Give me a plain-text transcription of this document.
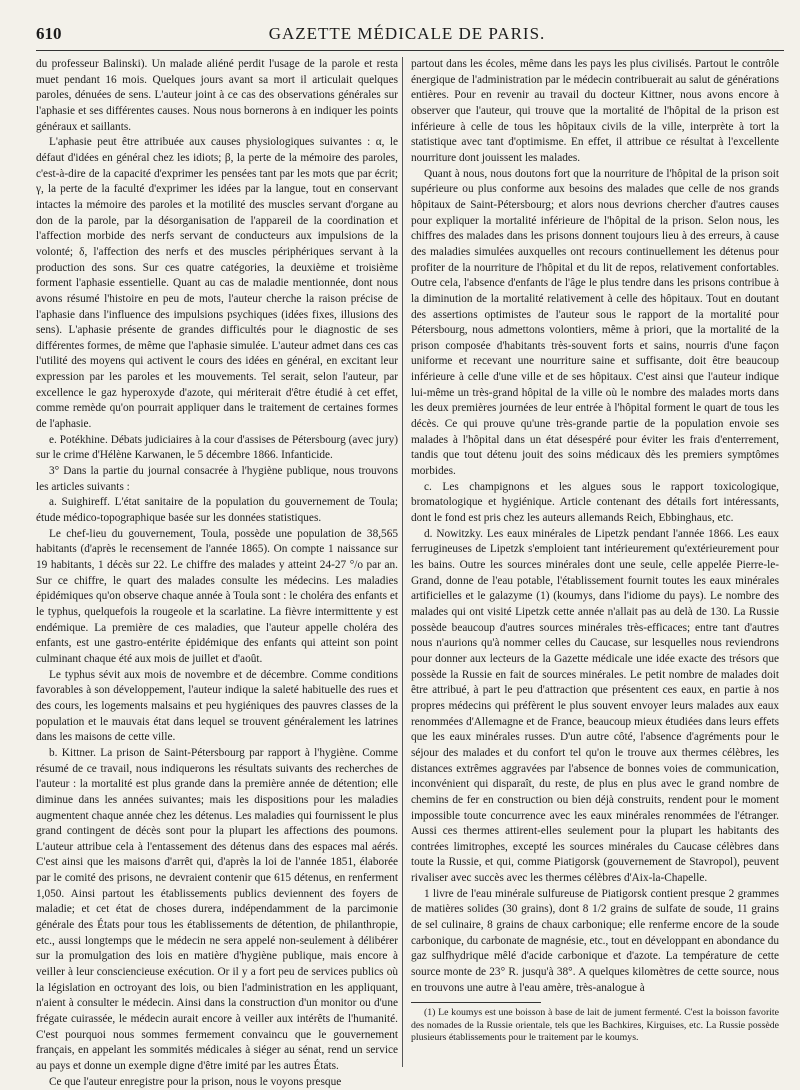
610	GAZETTE MÉDICALE DE PARIS.

du professeur Balinski). Un malade aliéné perdit l'usage de la parole et resta muet pendant 16 mois. Quelques jours avant sa mort il articulait quelques paroles, dénuées de sens. L'auteur joint à ce cas des observations générales sur l'aphasie et ses différentes causes. Nous nous bornerons à en indiquer les points généraux et saillants.

L'aphasie peut être attribuée aux causes physiologiques suivantes : α, le défaut d'idées en général chez les idiots; β, la perte de la mémoire des paroles, c'est-à-dire de la capacité d'exprimer les pensées tant par les mots que par écrit; γ, la perte de la faculté d'exprimer les idées par la langue, tout en conservant intactes la mémoire des paroles et la motilité des muscles servant d'organe au don de la parole, par la désorganisation de l'appareil de la coordination et l'affection morbide des nerfs servant de conducteurs aux impulsions de la volonté; δ, l'affection des nerfs et des muscles périphériques servant à la production des sons. Sur ces quatre catégories, la deuxième et troisième forment l'aphasie essentielle. Quant au cas de maladie mentionnée, dont nous avons résumé l'histoire en peu de mots, l'auteur cherche la raison précise de l'aphasie dans l'influence des impulsions psychiques (idées fixes, illusions des sens). L'aphasie présente de grandes difficultés pour le diagnostic de ses différentes formes, de même que l'aphasie simulée. L'auteur admet dans ces cas l'utilité des moyens qui activent le cours des idées en général, en excitant leur expression par les paroles et les mouvements. Tel serait, selon l'auteur, par excellence le gaz hyperoxyde d'azote, qui mériterait d'être étudié à cet effet, comme remède qu'on pourrait appliquer dans le traitement de certaines formes de l'aphasie.

e. Potékhine. Débats judiciaires à la cour d'assises de Pétersbourg (avec jury) sur le crime d'Hélène Karwanen, le 5 décembre 1866. Infanticide.

3° Dans la partie du journal consacrée à l'hygiène publique, nous trouvons les articles suivants :

a. Suighireff. L'état sanitaire de la population du gouvernement de Toula; étude médico-topographique basée sur les données statistiques.

Le chef-lieu du gouvernement, Toula, possède une population de 38,565 habitants (d'après le recensement de l'année 1865). On compte 1 naissance sur 19 habitants, 1 décès sur 22. Le chiffre des malades y atteint 24-27 °/o par an. Sur ce chiffre, le quart des malades consulte les médecins. Les maladies épidémiques qu'on observe chaque année à Toula sont : le choléra des enfants et le typhus, quelquefois la rougeole et la scarlatine. La fièvre intermittente y est endémique. La première de ces maladies, que l'auteur appelle choléra des enfants, est une gastro-entérite épidémique des enfants qui atteint son point culminant chaque été aux mois de juillet et d'août.

Le typhus sévit aux mois de novembre et de décembre. Comme conditions favorables à son développement, l'auteur indique la saleté habituelle des rues et des cours, les logements malsains et peu hygiéniques des pauvres classes de la population et le mauvais état dans lequel se trouvent généralement les latrines dans les maisons de cette ville.

b. Kittner. La prison de Saint-Pétersbourg par rapport à l'hygiène. Comme résumé de ce travail, nous indiquerons les résultats suivants des recherches de l'auteur : la mortalité est plus grande dans la première année de détention; elle diminue dans les années suivantes; mais les dispositions pour les maladies augmentent chaque année chez les détenus. Les maladies qui fournissent le plus grand contingent de décès sont pour la plupart les affections des poumons. L'auteur attribue cela à l'entassement des détenus dans des espaces mal aérés. C'est ainsi que les maisons d'arrêt qui, d'après la loi de l'année 1851, élaborée par le comité des prisons, ne devraient contenir que 615 détenus, en renferment 1,050. Ainsi partout les établissements publics deviennent des foyers de maladie; et cet état de choses durera, indépendamment de la parcimonie générale des États pour tous les établissements de détention, de philanthropie, etc., aussi longtemps que le médecin ne sera appelé non-seulement à délibérer sur la promulgation des lois en matière d'hygiène publique, mais encore à veiller à leur consciencieuse exécution. Or il y a fort peu de services publics où la législation en octroyant des lois, ou bien l'administration en les appliquant, n'aient à consulter le médecin. Ainsi dans la construction d'un monitor ou d'une frégate cuirassée, le médecin aurait encore à veiller aux intérêts de l'humanité. C'est pourquoi nous sommes fermement convaincu que le gouvernement français, en appelant les sommités médicales à siéger au sénat, rend un service au pays et donne un exemple digne d'être imité par les autres États.

Ce que l'auteur enregistre pour la prison, nous le voyons presque

partout dans les écoles, même dans les pays les plus civilisés. Partout le contrôle énergique de l'administration par le médecin contribuerait au salut de générations entières. Pour en revenir au travail du docteur Kittner, nous avons encore à observer que l'auteur, qui trouve que la mortalité de l'hôpital de la prison est inférieure à celle de tous les hôpitaux civils de la ville, interprète à tort la statistique avec tant d'optimisme. En effet, il attribue ce résultat à l'excellente nourriture dont jouissent les malades.

Quant à nous, nous doutons fort que la nourriture de l'hôpital de la prison soit supérieure ou plus conforme aux besoins des malades que celle de nos grands hôpitaux de Saint-Pétersbourg; et alors nous devrions chercher d'autres causes pour expliquer la mortalité inférieure de l'hôpital de la prison. Selon nous, les chiffres des malades dans les prisons donnent toujours lieu à des erreurs, à cause des maladies simulées auxquelles ont recours continuellement les détenus pour profiter de la nourriture de l'hôpital et du lit de repos, relativement confortables. Outre cela, l'absence d'enfants de l'âge le plus tendre dans les prisons contribue à la diminution de la mortalité relativement à celle des hôpitaux. Tout en doutant des assertions optimistes de l'auteur sous le rapport de la mortalité pour Pétersbourg, nous admettons volontiers, même à priori, que la mortalité de la prison composée d'habitants très-souvent forts et sains, nourris d'une façon uniforme et recevant une nourriture saine et suffisante, doit être beaucoup inférieure à celle d'une ville et de ses hôpitaux. C'est ainsi que l'auteur indique lui-même un très-grand hôpital de la ville où le nombre des malades morts dans les deux premières journées de leur entrée à l'hôpital forment le quart de tous les décès. Ce qui prouve qu'une très-grande partie de la population envoie ses malades à l'hôpital dans un état désespéré pour éviter les frais d'enterrement, tandis que tout détenu jouit des soins médicaux dès les premiers symptômes morbides.

c. Les champignons et les algues sous le rapport toxicologique, bromatologique et hygiénique. Article contenant des détails fort intéressants, dont le fond est pris chez les auteurs allemands Reich, Ebbinghaus, etc.

d. Nowitzky. Les eaux minérales de Lipetzk pendant l'année 1866. Les eaux ferrugineuses de Lipetzk s'emploient tant intérieurement qu'extérieurement pour les bains. Outre les sources minérales dont une seule, celle appelée Pierre-le-Grand, donne de l'eau potable, l'établissement fournit toutes les eaux minérales artificielles et le galazyme (1) (koumys, dans l'idiome du pays). Le nombre des malades qui ont visité Lipetzk cette année n'allait pas au delà de 130. La Russie possède beaucoup d'autres sources minérales très-efficaces; entre tant d'autres nous n'aurions qu'à nommer celles du Caucase, sur lesquelles nous reviendrons pour donner aux lecteurs de la Gazette médicale une idée exacte des trésors que possède la Russie en fait de sources minérales. Le petit nombre de malades doit être attribué, à part le peu d'attraction que présentent ces eaux, en partie à nos propres médecins qui préfèrent le plus souvent envoyer leurs malades aux eaux renommées d'Allemagne et de France, beaucoup mieux étudiées dans leurs effets que les eaux minérales russes. D'un autre côté, l'absence d'agréments pour le séjour des malades et du confort tel qu'on le trouve aux thermes célèbres, les distances extrêmes aggravées par l'absence de bonnes voies de communication, inconvénient qui disparaît, du reste, de plus en plus avec le grand nombre de chemins de fer en construction ou bien déjà construits, rendent pour le moment impossible toute concurrence avec les eaux minérales renommées de l'étranger. Aussi ces thermes attirent-elles seulement pour la plupart les habitants des contrées limitrophes, excepté les sources minérales du Caucase célèbres dans toute la Russie, et qui, comme Piatigorsk (gouvernement de Stavropol), peuvent rivaliser avec succès avec les thermes célèbres d'Aix-la-Chapelle.

1 livre de l'eau minérale sulfureuse de Piatigorsk contient presque 2 grammes de matières solides (30 grains), dont 8 1/2 grains de sulfate de soude, 11 grains de sel culinaire, 8 grains de chaux carbonique; elle renferme encore de la soude carbonique, du carbonate de magnésie, etc., tout en développant en abondance du gaz sulfhydrique mêlé d'acide carbonique et d'azote. La température de cette source monte de 23° R. jusqu'à 38°. A quelques kilomètres de cette source, nous en trouvons une autre à l'eau amère, très-analogue à

(1) Le koumys est une boisson à base de lait de jument fermenté. C'est la boisson favorite des nomades de la Russie orientale, tels que les Bachkires, Kirguises, etc. La Russie possède plusieurs établissements pour le traitement par le koumys.
